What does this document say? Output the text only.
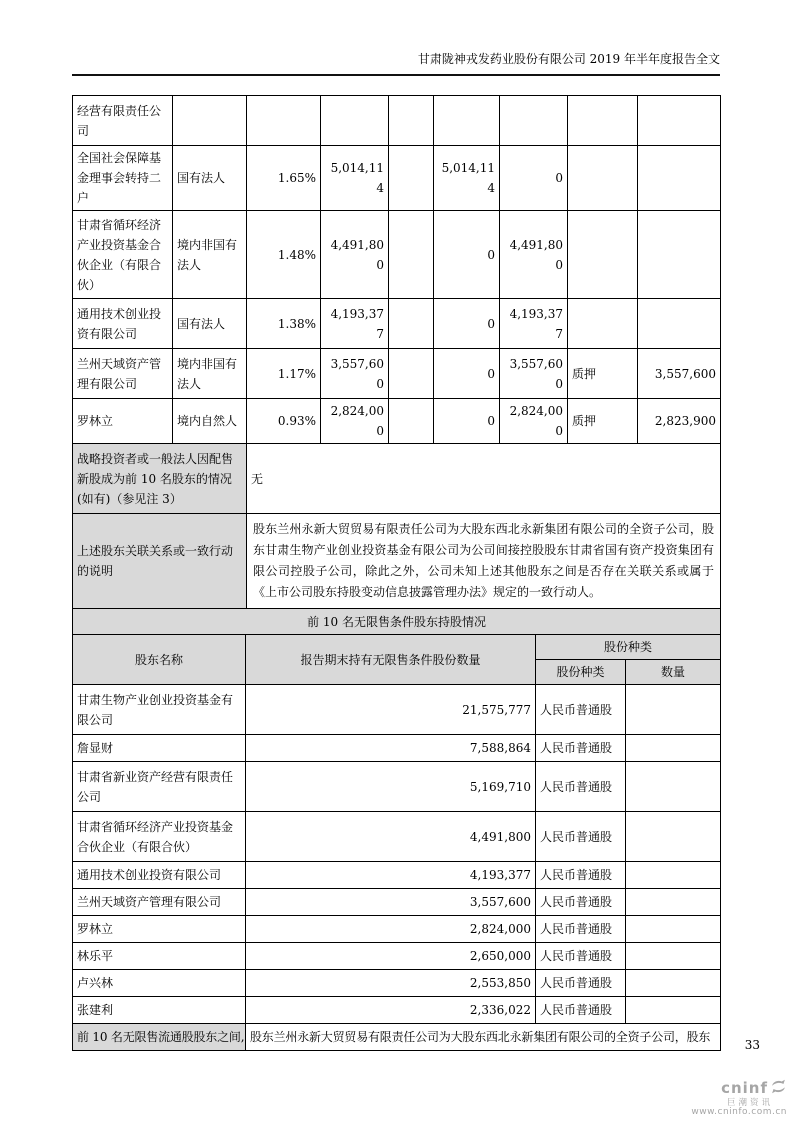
甘肃陇神戎发药业股份有限公司 2019 年半年度报告全文
经营有限责任公司								
全国社会保障基金理事会转持二户	国有法人	1.65%	5,014,114		5,014,114	0		
甘肃省循环经济产业投资基金合伙企业（有限合伙）	境内非国有法人	1.48%	4,491,800		0	4,491,800		
通用技术创业投资有限公司	国有法人	1.38%	4,193,377		0	4,193,377		
兰州天域资产管理有限公司	境内非国有法人	1.17%	3,557,600		0	3,557,600	质押	3,557,600
罗林立	境内自然人	0.93%	2,824,000		0	2,824,000	质押	2,823,900
战略投资者或一般法人因配售新股成为前 10 名股东的情况(如有)（参见注 3）		无						
上述股东关联关系或一致行动的说明		股东兰州永新大贸贸易有限责任公司为大股东西北永新集团有限公司的全资子公司，股东甘肃生物产业创业投资基金有限公司为公司间接控股股东甘肃省国有资产投资集团有限公司控股子公司，除此之外，公司未知上述其他股东之间是否存在关联关系或属于《上市公司股东持股变动信息披露管理办法》规定的一致行动人。						
前 10 名无限售条件股东持股情况			
股东名称	报告期末持有无限售条件股份数量	股份种类	
		股份种类	数量
甘肃生物产业创业投资基金有限公司	21,575,777	人民币普通股	
詹显财	7,588,864	人民币普通股	
甘肃省新业资产经营有限责任公司	5,169,710	人民币普通股	
甘肃省循环经济产业投资基金合伙企业（有限合伙）	4,491,800	人民币普通股	
通用技术创业投资有限公司	4,193,377	人民币普通股	
兰州天域资产管理有限公司	3,557,600	人民币普通股	
罗林立	2,824,000	人民币普通股	
林乐平	2,650,000	人民币普通股	
卢兴林	2,553,850	人民币普通股	
张建利	2,336,022	人民币普通股	
前 10 名无限售流通股股东之间,	股东兰州永新大贸贸易有限责任公司为大股东西北永新集团有限公司的全资子公司，股东		
33
cninf
巨潮资讯
www.cninfo.com.cn
